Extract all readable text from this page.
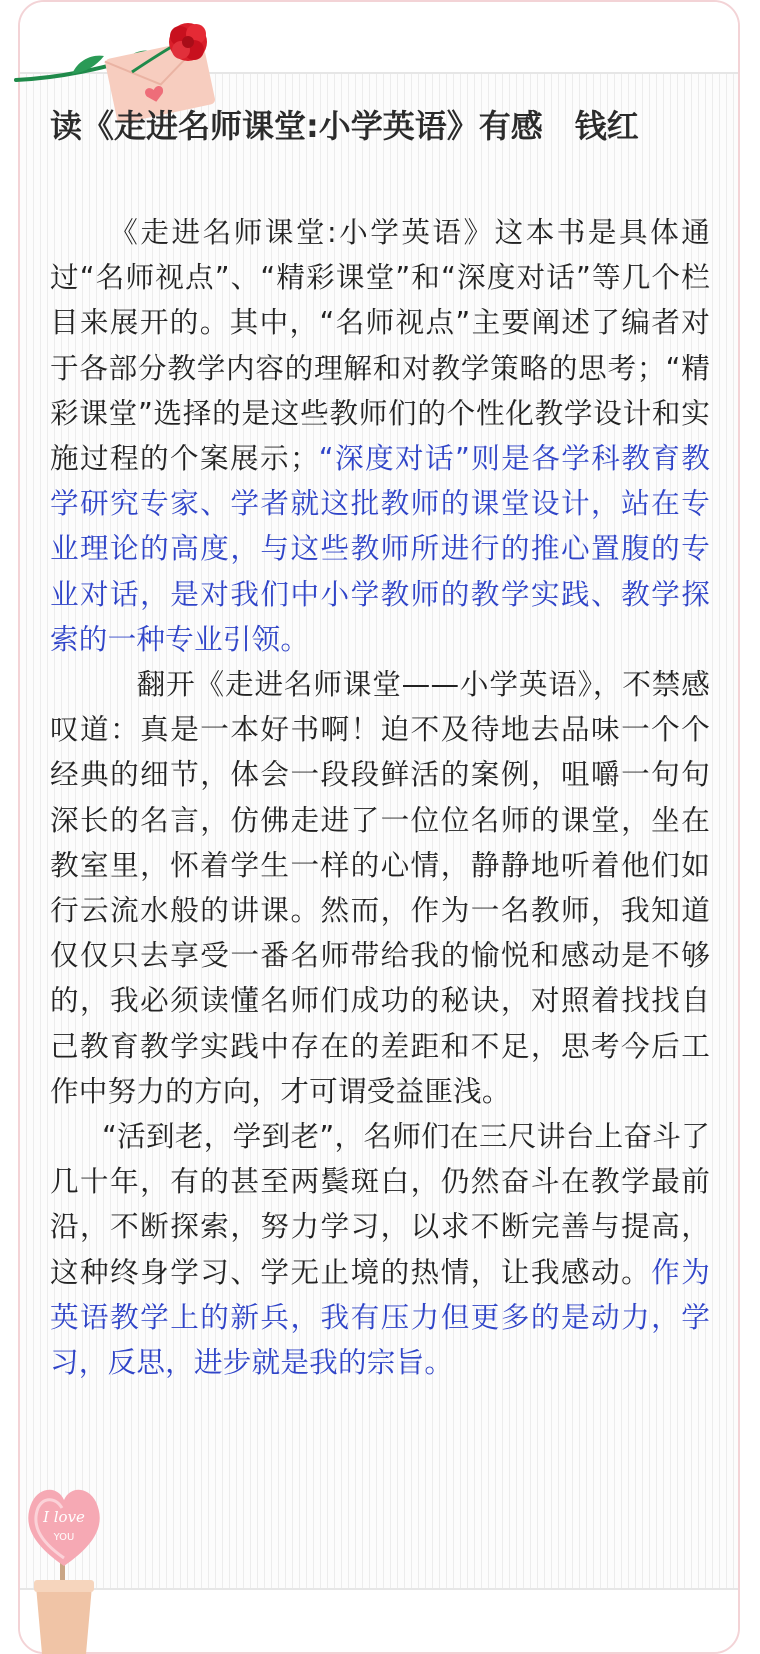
读《走进名师课堂:小学英语》有感　钱红

《走进名师课堂:小学英语》这本书是具体通过“名师视点”、“精彩课堂”和“深度对话”等几个栏目来展开的。其中，“名师视点”主要阐述了编者对于各部分教学内容的理解和对教学策略的思考；“精彩课堂”选择的是这些教师们的个性化教学设计和实施过程的个案展示；“深度对话”则是各学科教育教学研究专家、学者就这批教师的课堂设计，站在专业理论的高度，与这些教师所进行的推心置腹的专业对话，是对我们中小学教师的教学实践、教学探索的一种专业引领。

翻开《走进名师课堂——小学英语》，不禁感叹道：真是一本好书啊！迫不及待地去品味一个个经典的细节，体会一段段鲜活的案例，咀嚼一句句深长的名言，仿佛走进了一位位名师的课堂，坐在教室里，怀着学生一样的心情，静静地听着他们如行云流水般的讲课。然而，作为一名教师，我知道仅仅只去享受一番名师带给我的愉悦和感动是不够的，我必须读懂名师们成功的秘诀，对照着找找自己教育教学实践中存在的差距和不足，思考今后工作中努力的方向，才可谓受益匪浅。

“活到老，学到老”，名师们在三尺讲台上奋斗了几十年，有的甚至两鬓斑白，仍然奋斗在教学最前沿，不断探索，努力学习，以求不断完善与提高，这种终身学习、学无止境的热情，让我感动。作为英语教学上的新兵，我有压力但更多的是动力，学习，反思，进步就是我的宗旨。

I love
YOU
